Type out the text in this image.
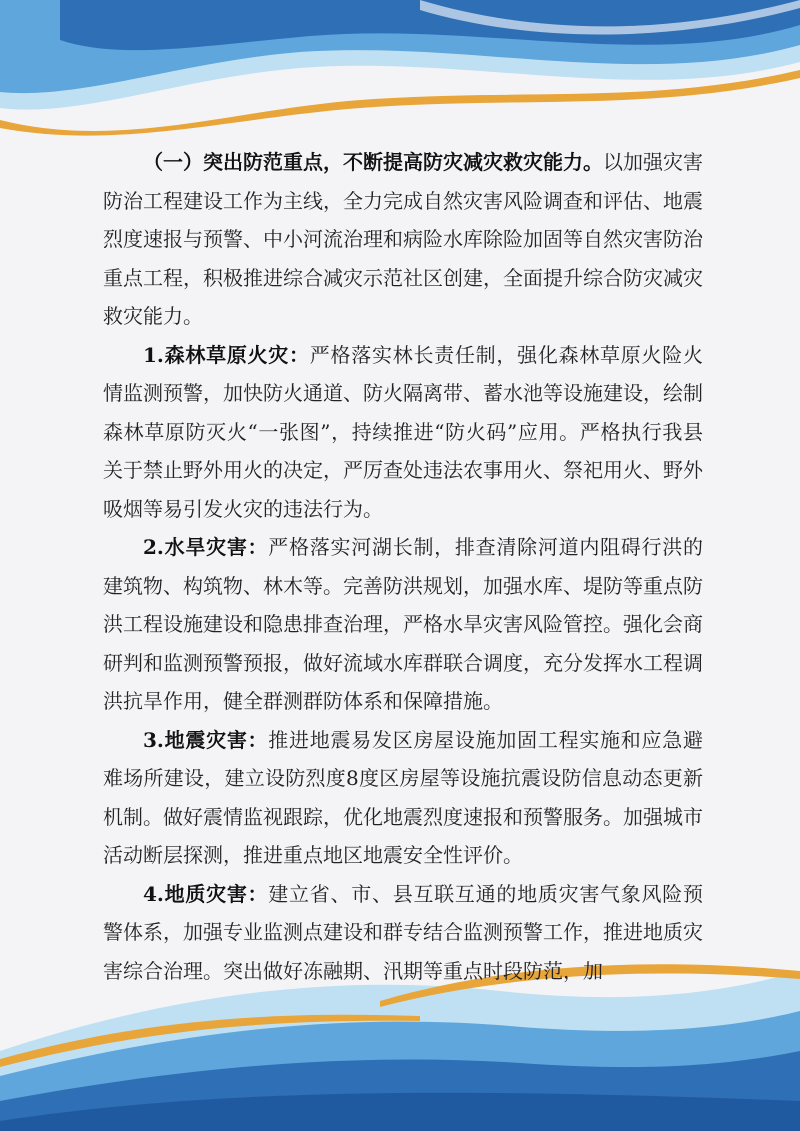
（一）突出防范重点，不断提高防灾减灾救灾能力。以加强灾害防治工程建设工作为主线，全力完成自然灾害风险调查和评估、地震烈度速报与预警、中小河流治理和病险水库除险加固等自然灾害防治重点工程，积极推进综合减灾示范社区创建，全面提升综合防灾减灾救灾能力。

1.森林草原火灾：严格落实林长责任制，强化森林草原火险火情监测预警，加快防火通道、防火隔离带、蓄水池等设施建设，绘制森林草原防灭火“一张图”，持续推进“防火码”应用。严格执行我县关于禁止野外用火的决定，严厉查处违法农事用火、祭祀用火、野外吸烟等易引发火灾的违法行为。

2.水旱灾害：严格落实河湖长制，排查清除河道内阻碍行洪的建筑物、构筑物、林木等。完善防洪规划，加强水库、堤防等重点防洪工程设施建设和隐患排查治理，严格水旱灾害风险管控。强化会商研判和监测预警预报，做好流域水库群联合调度，充分发挥水工程调洪抗旱作用，健全群测群防体系和保障措施。

3.地震灾害：推进地震易发区房屋设施加固工程实施和应急避难场所建设，建立设防烈度8度区房屋等设施抗震设防信息动态更新机制。做好震情监视跟踪，优化地震烈度速报和预警服务。加强城市活动断层探测，推进重点地区地震安全性评价。

4.地质灾害：建立省、市、县互联互通的地质灾害气象风险预警体系，加强专业监测点建设和群专结合监测预警工作，推进地质灾害综合治理。突出做好冻融期、汛期等重点时段防范，加
